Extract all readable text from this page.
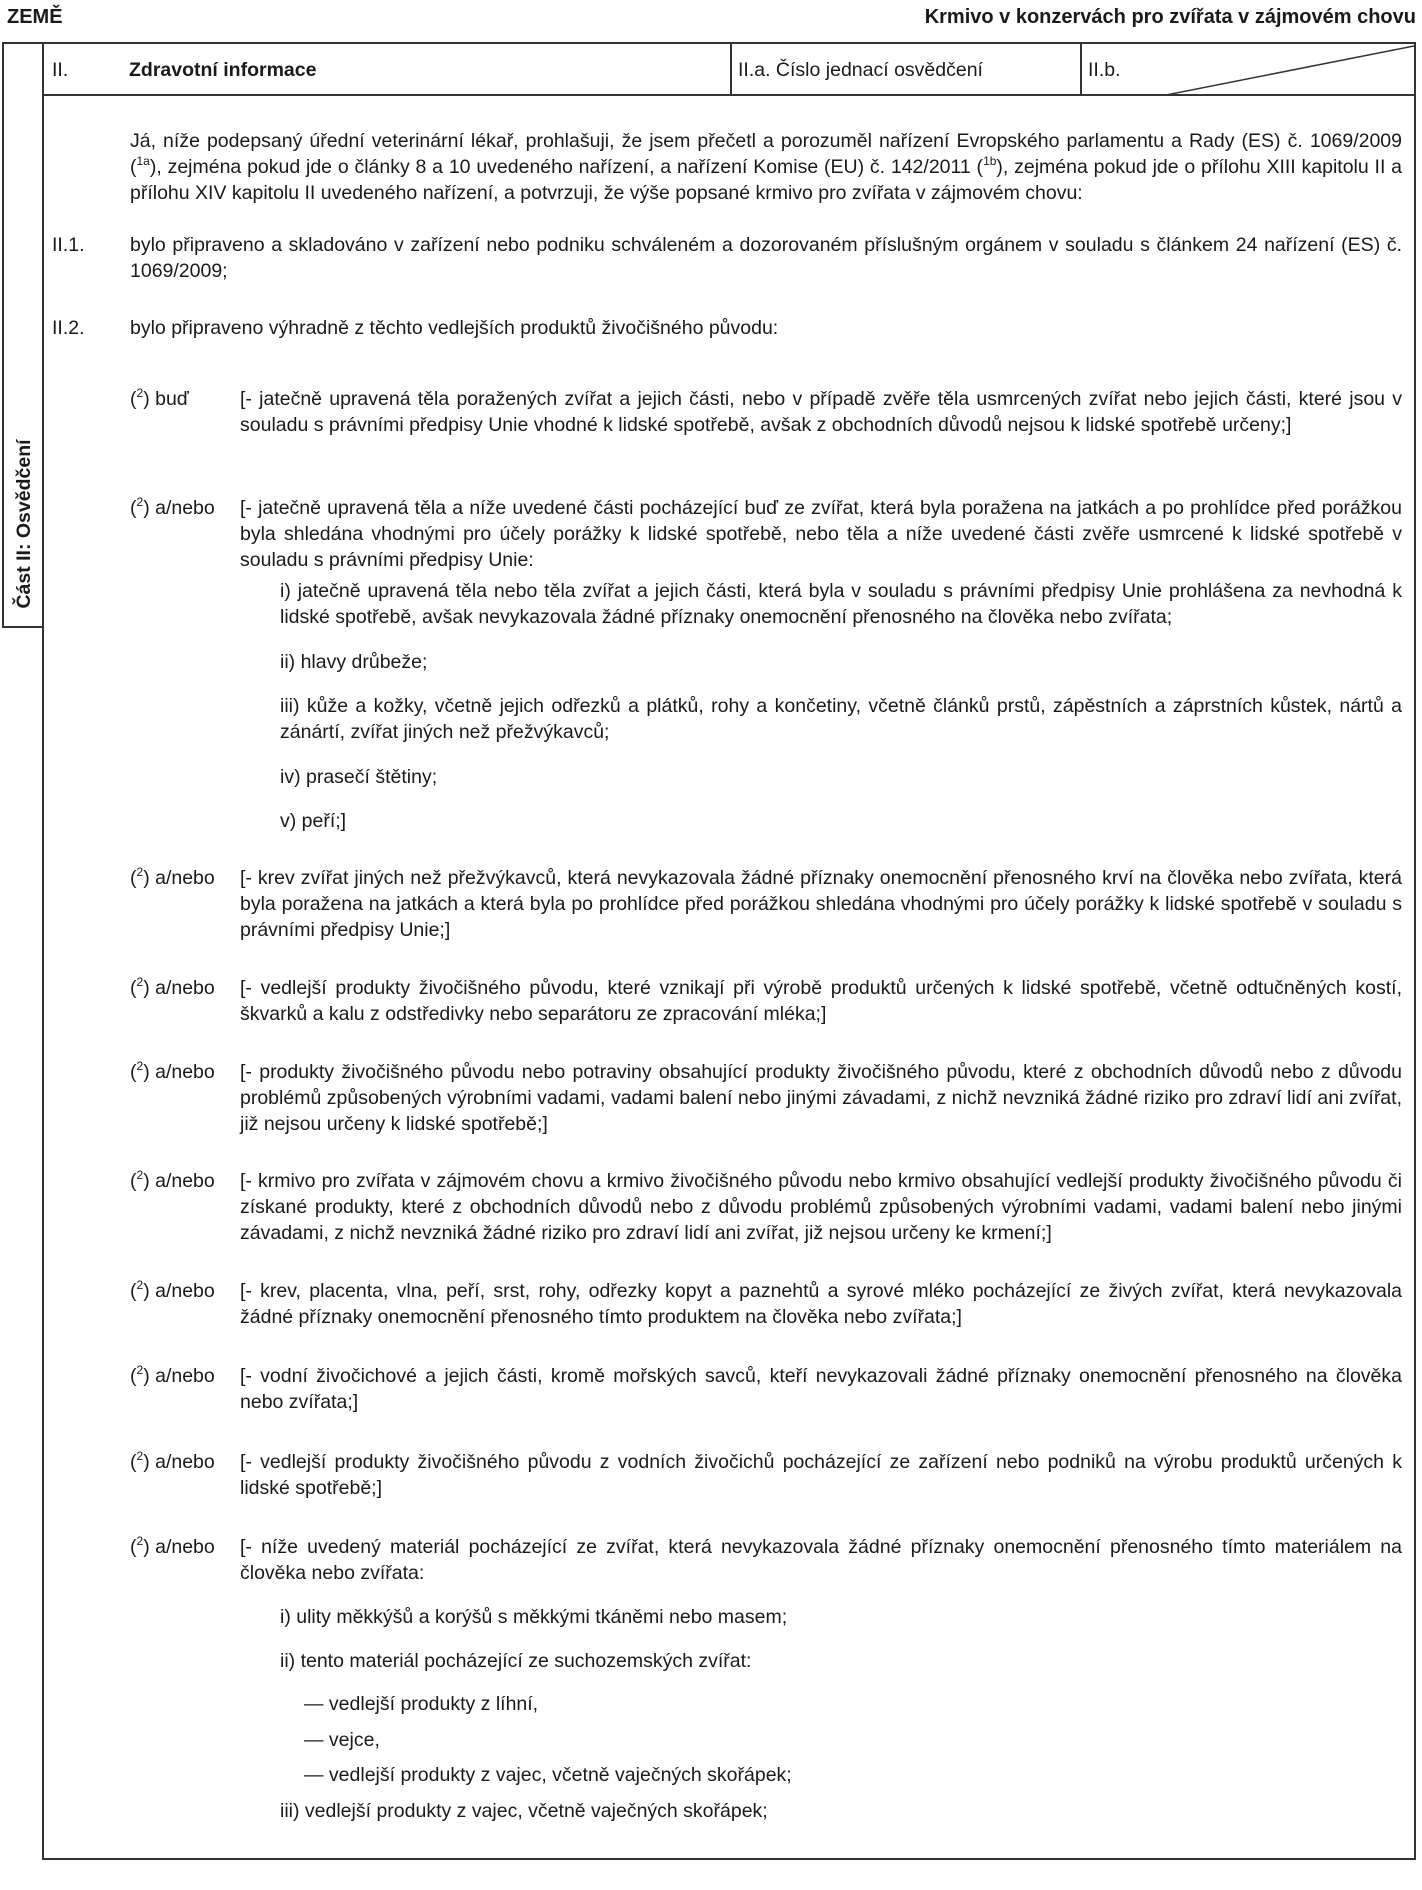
ZEMĚ	Krmivo v konzervách pro zvířata v zájmovém chovu
Část II: Osvědčení
II.	Zdravotní informace	II.a. Číslo jednací osvědčení	II.b.
Já, níže podepsaný úřední veterinární lékař, prohlašuji, že jsem přečetl a porozuměl nařízení Evropského parlamentu a Rady (ES) č. 1069/2009 ($^{1a}$), zejména pokud jde o články 8 a 10 uvedeného nařízení, a nařízení Komise (EU) č. 142/2011 ($^{1b}$), zejména pokud jde o přílohu XIII kapitolu II a přílohu XIV kapitolu II uvedeného nařízení, a potvrzuji, že výše popsané krmivo pro zvířata v zájmovém chovu:
II.1. bylo připraveno a skladováno v zařízení nebo podniku schváleném a dozorovaném příslušným orgánem v souladu s článkem 24 nařízení (ES) č. 1069/2009;
II.2. bylo připraveno výhradně z těchto vedlejších produktů živočišného původu:
($^2$) buď	[- jatečně upravená těla poražených zvířat a jejich části, nebo v případě zvěře těla usmrcených zvířat nebo jejich části, které jsou v souladu s právními předpisy Unie vhodné k lidské spotřebě, avšak z obchodních důvodů nejsou k lidské spotřebě určeny;]
($^2$) a/nebo [- jatečně upravená těla a níže uvedené části pocházející buď ze zvířat, která byla poražena na jatkách a po prohlídce před porážkou byla shledána vhodnými pro účely porážky k lidské spotřebě, nebo těla a níže uvedené části zvěře usmrcené k lidské spotřebě v souladu s právními předpisy Unie:
i) jatečně upravená těla nebo těla zvířat a jejich části, která byla v souladu s právními předpisy Unie prohlášena za nevhodná k lidské spotřebě, avšak nevykazovala žádné příznaky onemocnění přenosného na člověka nebo zvířata;
ii) hlavy drůbeže;
iii) kůže a kožky, včetně jejich odřezků a plátků, rohy a končetiny, včetně článků prstů, zápěstních a záprstních kůstek, nártů a zánártí, zvířat jiných než přežvýkavců;
iv) prasečí štětiny;
v) peří;]
($^2$) a/nebo [- krev zvířat jiných než přežvýkavců, která nevykazovala žádné příznaky onemocnění přenosného krví na člověka nebo zvířata, která byla poražena na jatkách a která byla po prohlídce před porážkou shledána vhodnými pro účely porážky k lidské spotřebě v souladu s právními předpisy Unie;]
($^2$) a/nebo [- vedlejší produkty živočišného původu, které vznikají při výrobě produktů určených k lidské spotřebě, včetně odtučněných kostí, škvarků a kalu z odstředivky nebo separátoru ze zpracování mléka;]
($^2$) a/nebo [- produkty živočišného původu nebo potraviny obsahující produkty živočišného původu, které z obchodních důvodů nebo z důvodu problémů způsobených výrobními vadami, vadami balení nebo jinými závadami, z nichž nevzniká žádné riziko pro zdraví lidí ani zvířat, již nejsou určeny k lidské spotřebě;]
($^2$) a/nebo [- krmivo pro zvířata v zájmovém chovu a krmivo živočišného původu nebo krmivo obsahující vedlejší produkty živočišného původu či získané produkty, které z obchodních důvodů nebo z důvodu problémů způsobených výrobními vadami, vadami balení nebo jinými závadami, z nichž nevzniká žádné riziko pro zdraví lidí ani zvířat, již nejsou určeny ke krmení;]
($^2$) a/nebo [- krev, placenta, vlna, peří, srst, rohy, odřezky kopyt a paznehtů a syrové mléko pocházející ze živých zvířat, která nevykazovala žádné příznaky onemocnění přenosného tímto produktem na člověka nebo zvířata;]
($^2$) a/nebo [- vodní živočichové a jejich části, kromě mořských savců, kteří nevykazovali žádné příznaky onemocnění přenosného na člověka nebo zvířata;]
($^2$) a/nebo [- vedlejší produkty živočišného původu z vodních živočichů pocházející ze zařízení nebo podniků na výrobu produktů určených k lidské spotřebě;]
($^2$) a/nebo [- níže uvedený materiál pocházející ze zvířat, která nevykazovala žádné příznaky onemocnění přenosného tímto materiálem na člověka nebo zvířata:
i) ulity měkkýšů a korýšů s měkkými tkáněmi nebo masem;
ii) tento materiál pocházející ze suchozemských zvířat:
— vedlejší produkty z líhní,
— vejce,
— vedlejší produkty z vajec, včetně vaječných skořápek;
iii) vedlejší produkty z vajec, včetně vaječných skořápek;
